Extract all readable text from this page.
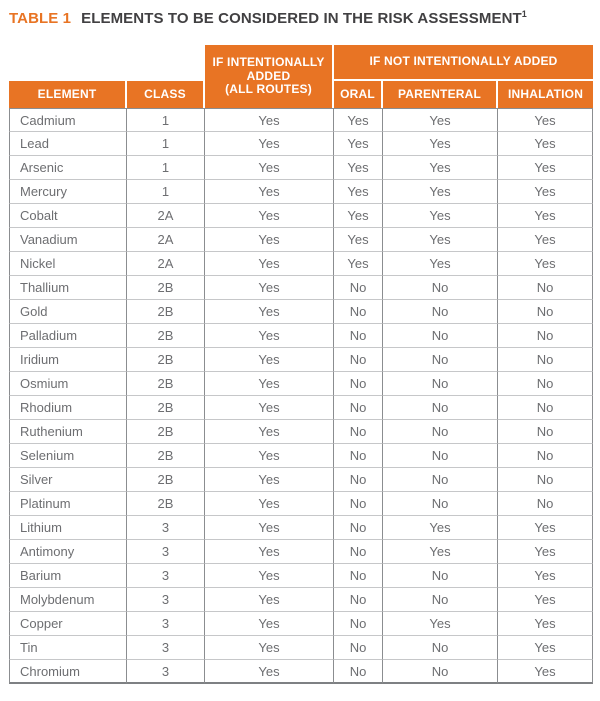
TABLE 1 ELEMENTS TO BE CONSIDERED IN THE RISK ASSESSMENT$^1$

		IF INTENTIONALLY ADDED
(ALL ROUTES)	IF NOT INTENTIONALLY ADDED		
ELEMENT	CLASS		ORAL	PARENTERAL	INHALATION
Cadmium	1	Yes	Yes	Yes	Yes
Lead	1	Yes	Yes	Yes	Yes
Arsenic	1	Yes	Yes	Yes	Yes
Mercury	1	Yes	Yes	Yes	Yes
Cobalt	2A	Yes	Yes	Yes	Yes
Vanadium	2A	Yes	Yes	Yes	Yes
Nickel	2A	Yes	Yes	Yes	Yes
Thallium	2B	Yes	No	No	No
Gold	2B	Yes	No	No	No
Palladium	2B	Yes	No	No	No
Iridium	2B	Yes	No	No	No
Osmium	2B	Yes	No	No	No
Rhodium	2B	Yes	No	No	No
Ruthenium	2B	Yes	No	No	No
Selenium	2B	Yes	No	No	No
Silver	2B	Yes	No	No	No
Platinum	2B	Yes	No	No	No
Lithium	3	Yes	No	Yes	Yes
Antimony	3	Yes	No	Yes	Yes
Barium	3	Yes	No	No	Yes
Molybdenum	3	Yes	No	No	Yes
Copper	3	Yes	No	Yes	Yes
Tin	3	Yes	No	No	Yes
Chromium	3	Yes	No	No	Yes
